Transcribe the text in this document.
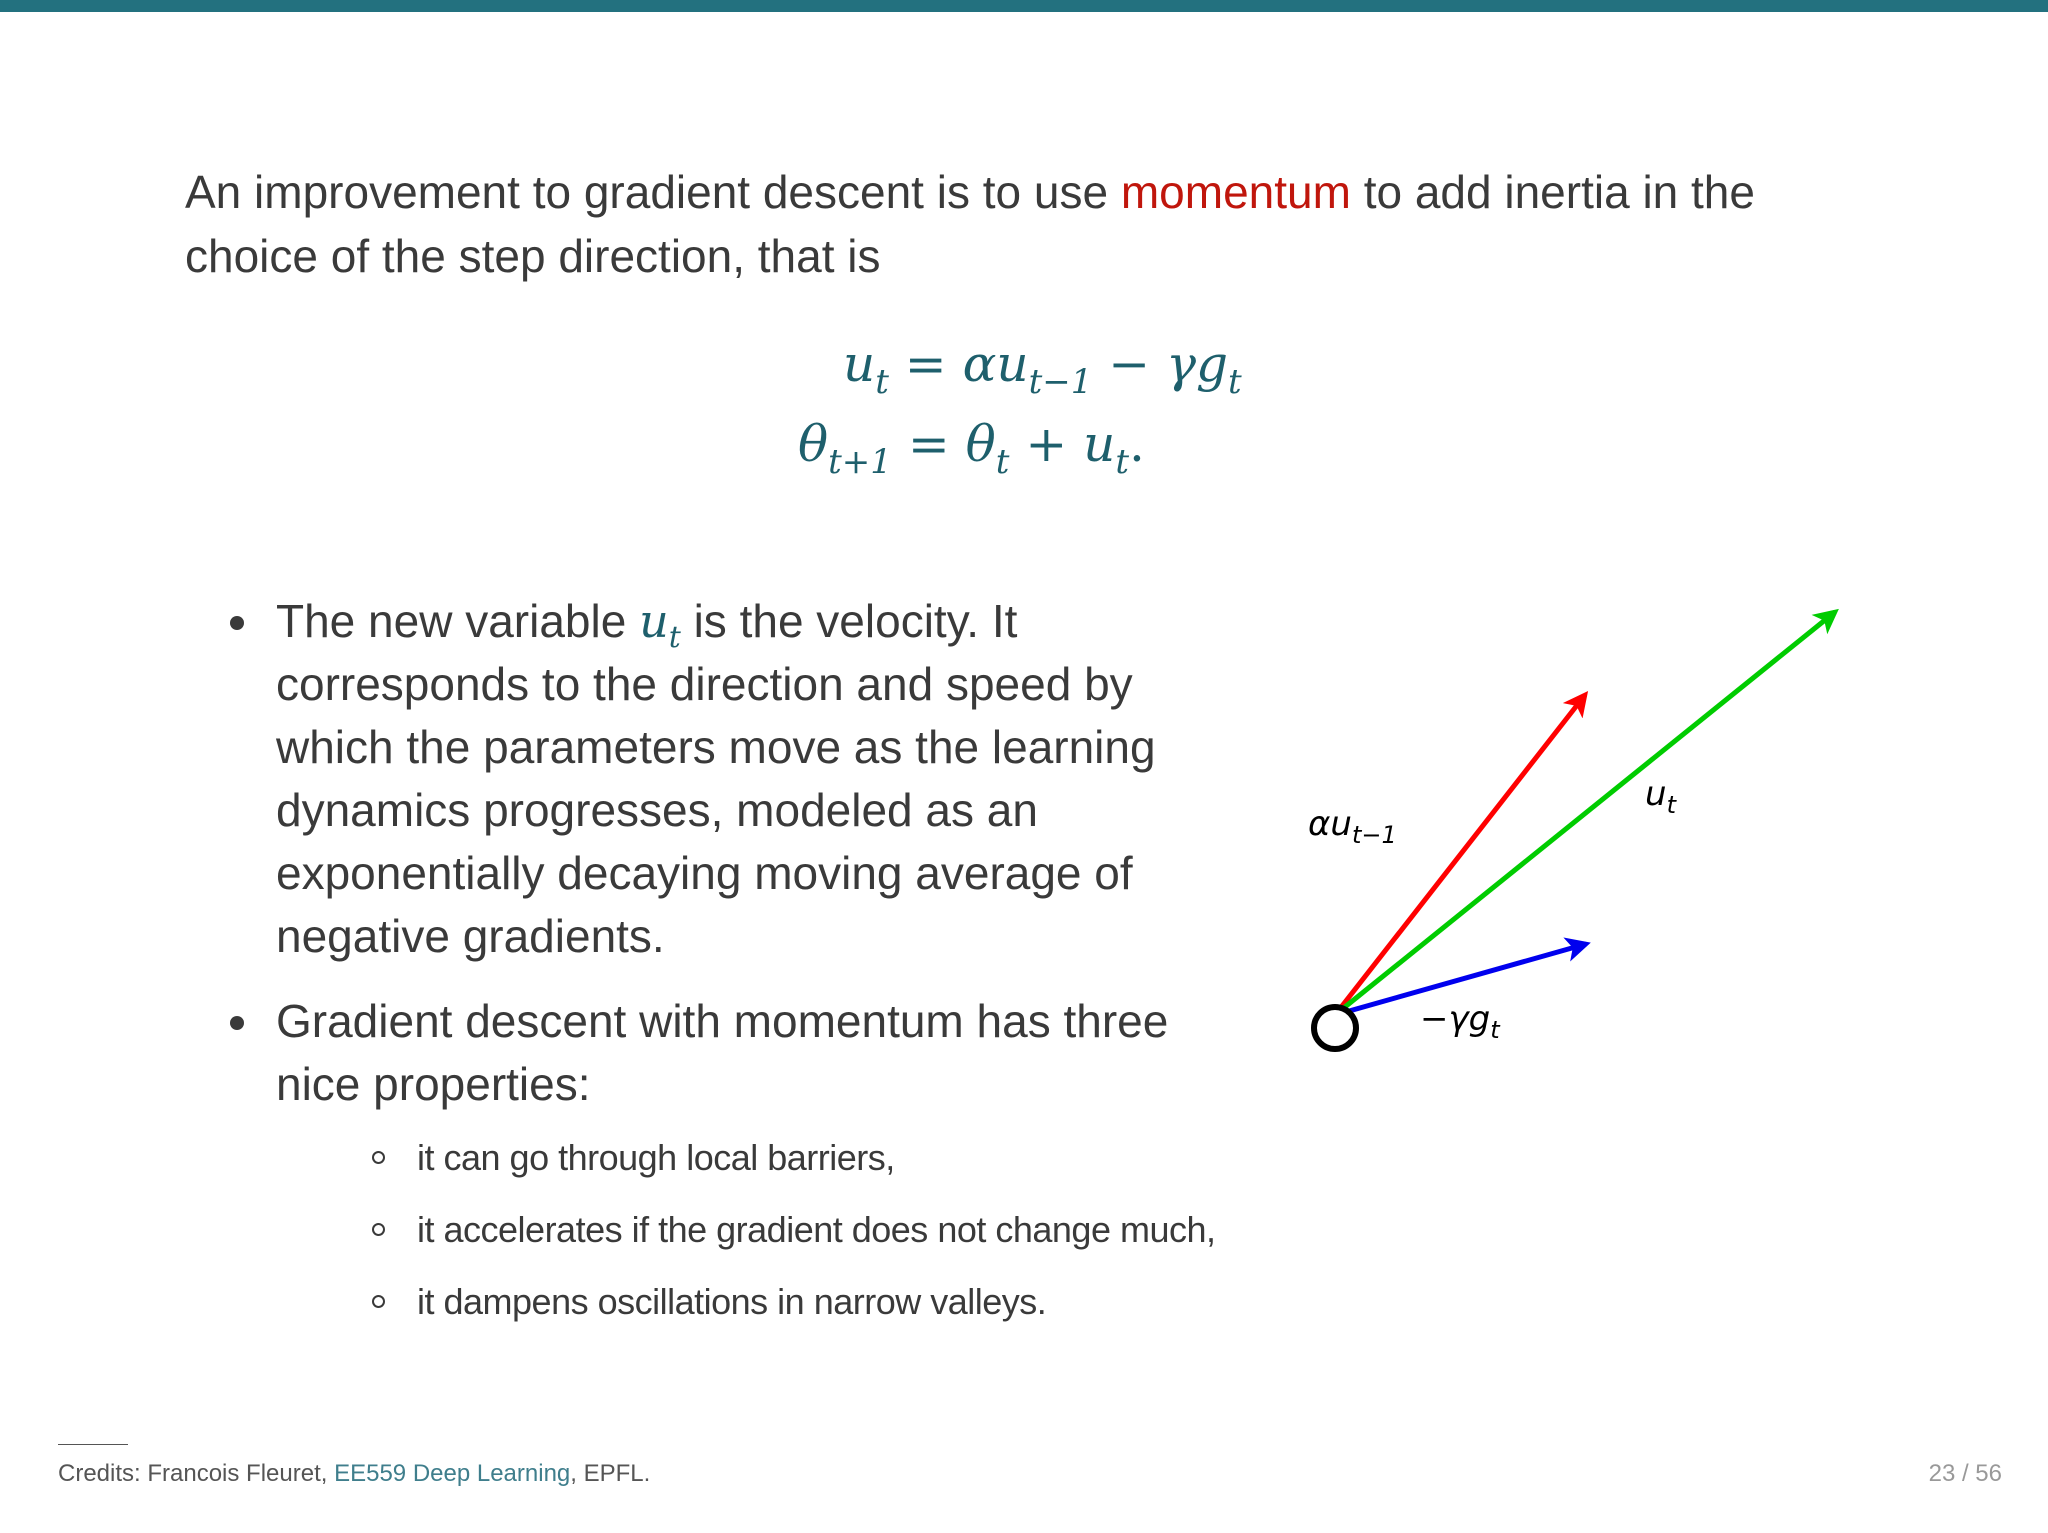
An improvement to gradient descent is to use momentum to add inertia in the choice of the step direction, that is
$u_t = \alpha u_{t-1} - \gamma g_t$
$\theta_{t+1} = \theta_t + u_t$.
The new variable $u_t$ is the velocity. It corresponds to the direction and speed by which the parameters move as the learning dynamics progresses, modeled as an exponentially decaying moving average of negative gradients.
Gradient descent with momentum has three nice properties:
it can go through local barriers,
it accelerates if the gradient does not change much,
it dampens oscillations in narrow valleys.
$\alpha u_{t-1}$
$u_t$
$-\gamma g_t$
Credits: Francois Fleuret, EE559 Deep Learning, EPFL.	23 / 56
